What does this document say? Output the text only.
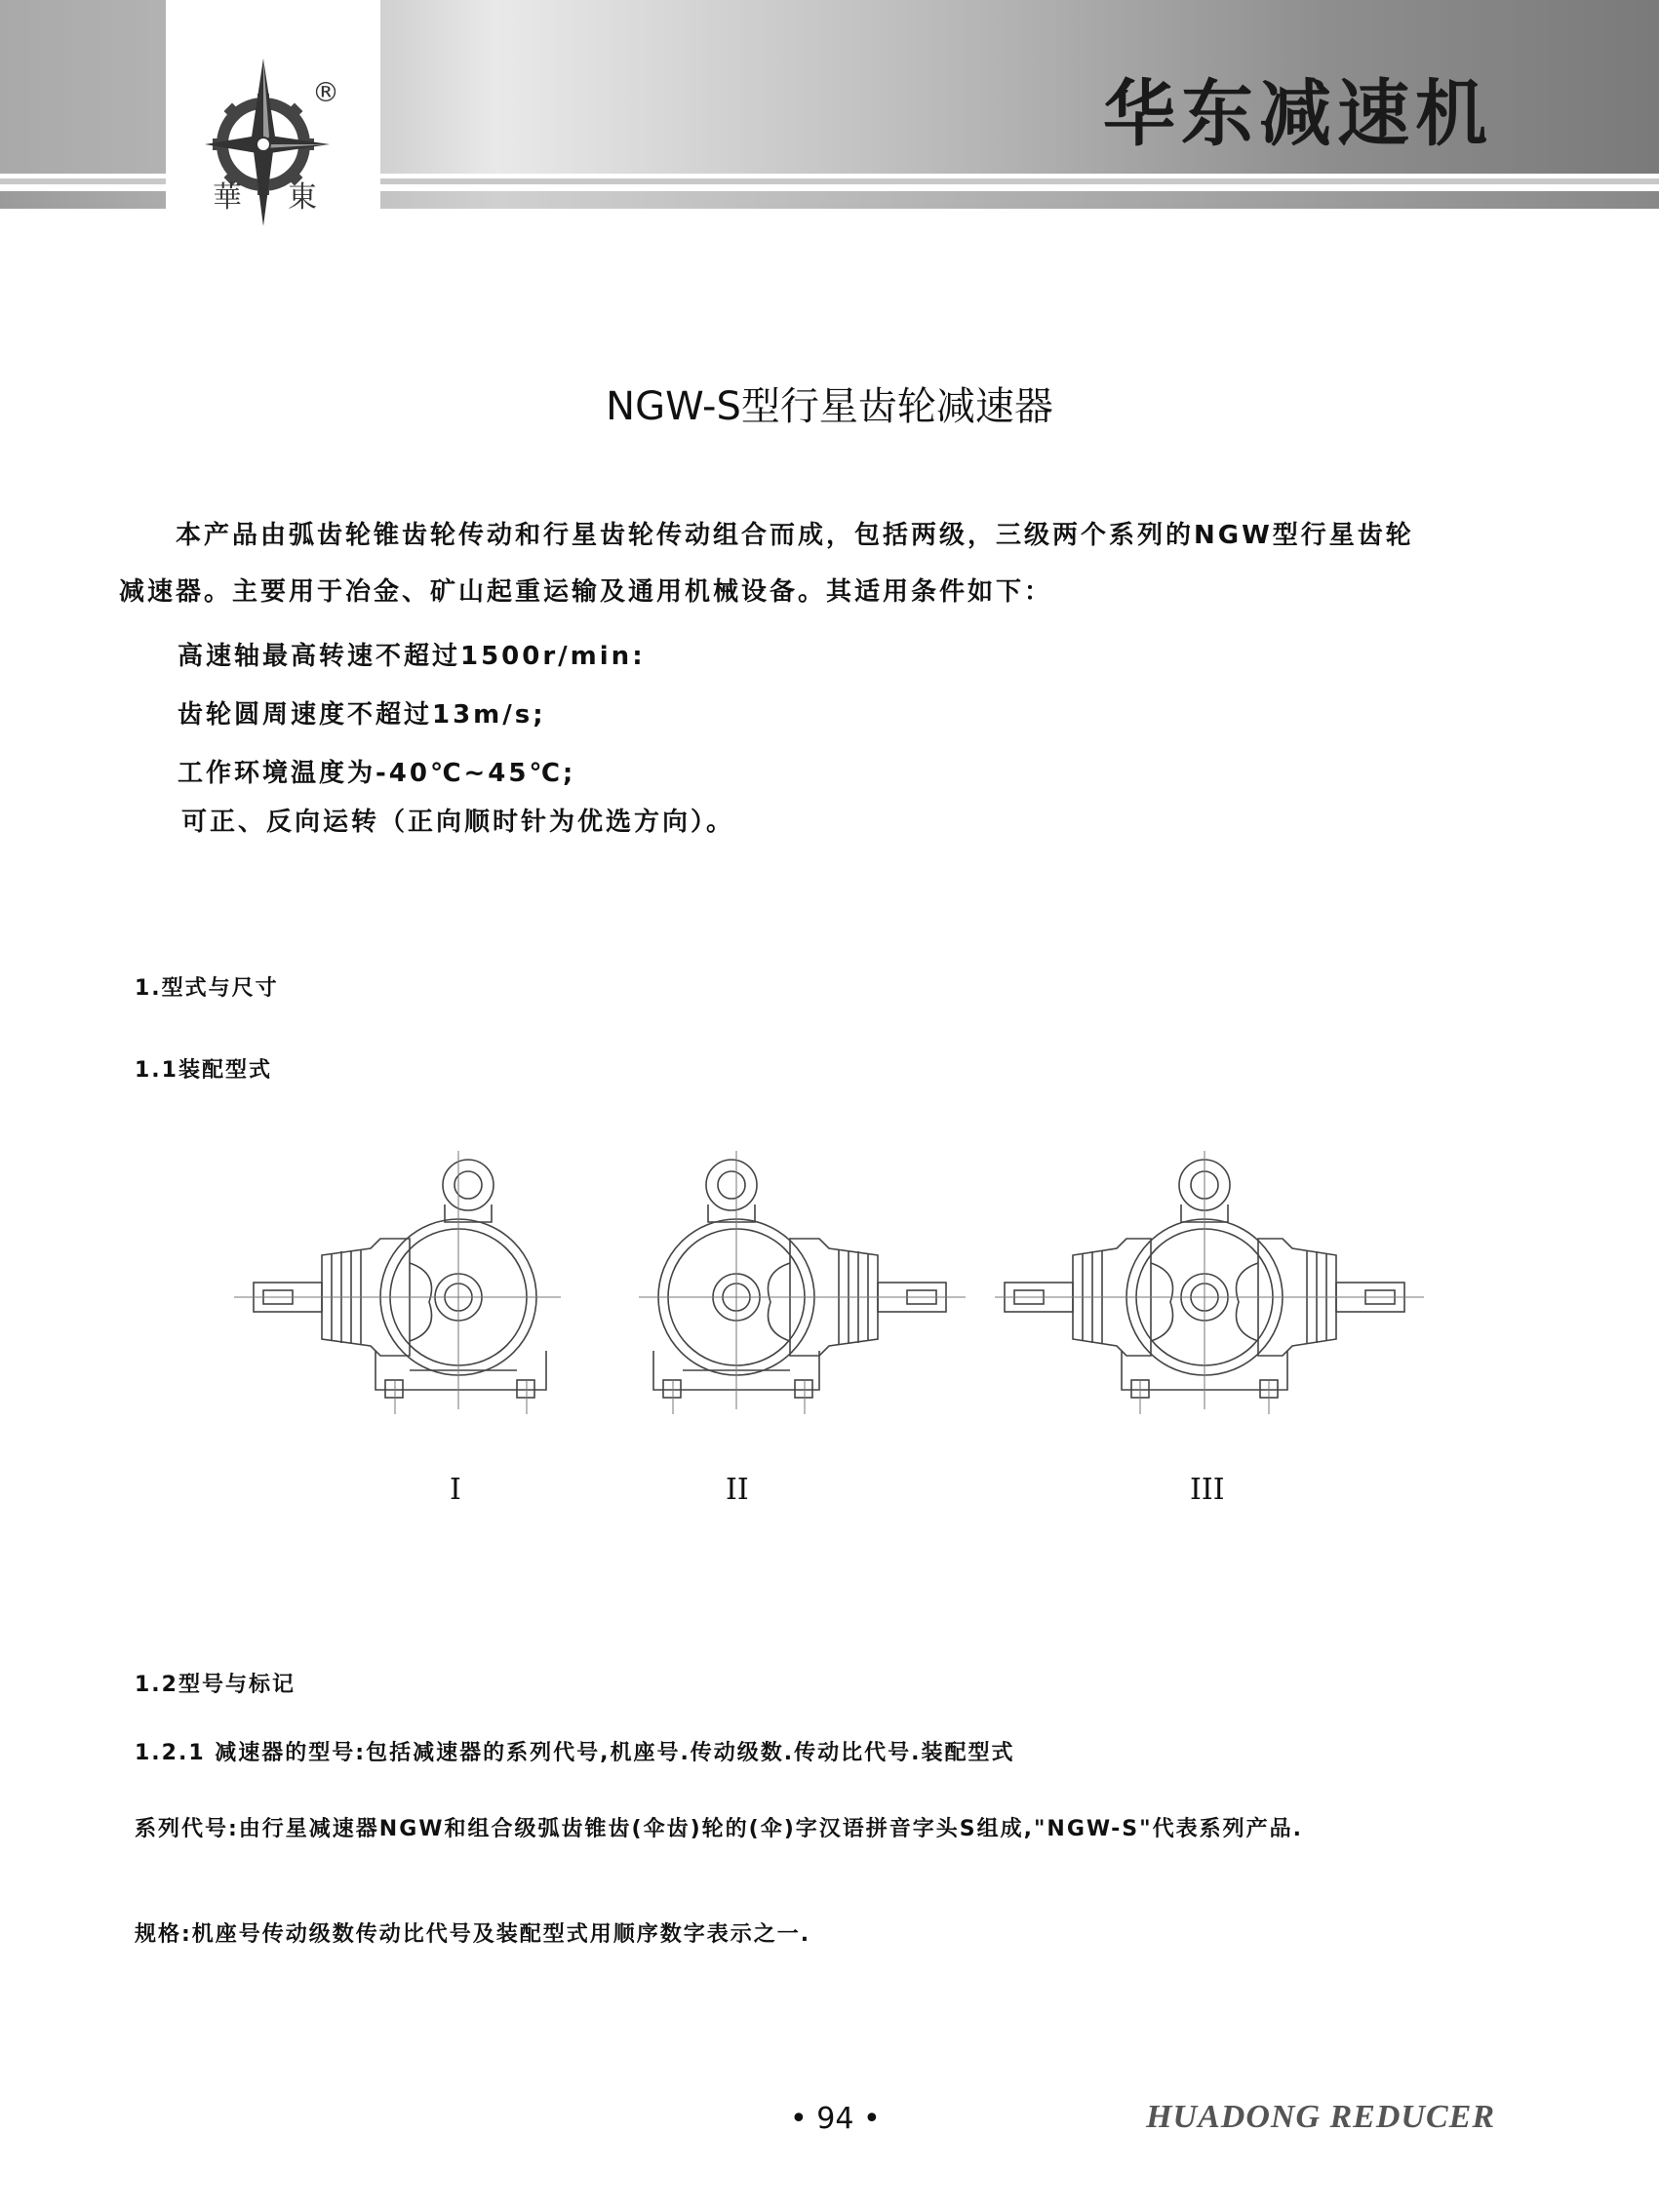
®
華 東
华东减速机
NGW-S型行星齿轮减速器
本产品由弧齿轮锥齿轮传动和行星齿轮传动组合而成，包括两级，三级两个系列的NGW型行星齿轮
减速器。主要用于冶金、矿山起重运输及通用机械设备。其适用条件如下：
高速轴最高转速不超过1500r/min:
齿轮圆周速度不超过13m/s;
工作环境温度为-40℃~45℃;
可正、反向运转（正向顺时针为优选方向）。
1.型式与尺寸
1.1装配型式
I	II	III
1.2型号与标记
1.2.1 减速器的型号:包括减速器的系列代号,机座号.传动级数.传动比代号.装配型式
系列代号:由行星减速器NGW和组合级弧齿锥齿(伞齿)轮的(伞)字汉语拼音字头S组成,"NGW-S"代表系列产品.
规格:机座号传动级数传动比代号及装配型式用顺序数字表示之一.
• 94 •	HUADONG REDUCER
